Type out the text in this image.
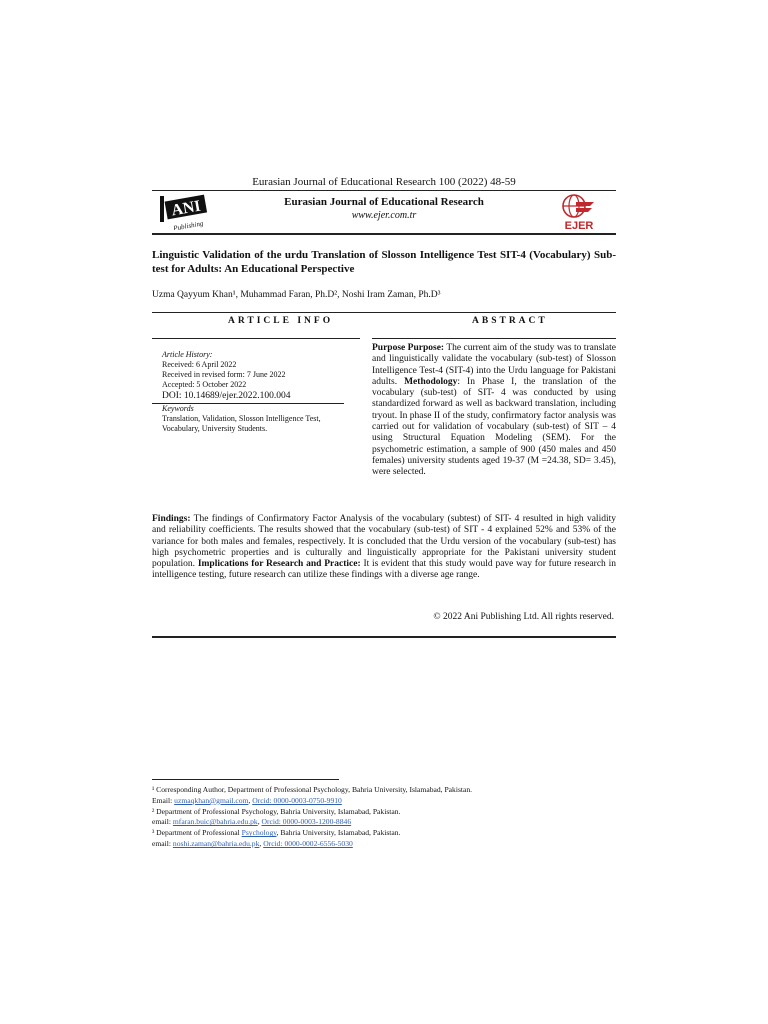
Eurasian Journal of Educational Research 100 (2022) 48-59
ANI
Publishing
Eurasian Journal of Educational Research
www.ejer.com.tr
EJER
Linguistic Validation of the urdu Translation of Slosson Intelligence Test SIT-4 (Vocabulary) Sub-test for Adults: An Educational Perspective
Uzma Qayyum Khan¹, Muhammad Faran, Ph.D², Noshi Iram Zaman, Ph.D³
ARTICLE INFO	ABSTRACT
Article History:
Received: 6 April 2022
Received in revised form: 7 June 2022
Accepted: 5 October 2022
DOI: 10.14689/ejer.2022.100.004
Keywords
Translation, Validation, Slosson Intelligence Test, Vocabulary, University Students.
Purpose Purpose: The current aim of the study was to translate and linguistically validate the vocabulary (sub-test) of Slosson Intelligence Test-4 (SIT-4) into the Urdu language for Pakistani adults. Methodology: In Phase I, the translation of the vocabulary (sub-test) of SIT- 4 was conducted by using standardized forward as well as backward translation, including tryout. In phase II of the study, confirmatory factor analysis was carried out for validation of vocabulary (sub-test) of SIT – 4 using Structural Equation Modeling (SEM). For the psychometric estimation, a sample of 900 (450 males and 450 females) university students aged 19-37 (M =24.38, SD= 3.45), were selected.
Findings: The findings of Confirmatory Factor Analysis of the vocabulary (subtest) of SIT- 4 resulted in high validity and reliability coefficients. The results showed that the vocabulary (sub-test) of SIT - 4 explained 52% and 53% of the variance for both males and females, respectively. It is concluded that the Urdu version of the vocabulary (sub-test) has high psychometric properties and is culturally and linguistically appropriate for the Pakistani university student population. Implications for Research and Practice: It is evident that this study would pave way for future research in intelligence testing, future research can utilize these findings with a diverse age range.
© 2022 Ani Publishing Ltd. All rights reserved.
¹ Corresponding Author, Department of Professional Psychology, Bahria University, Islamabad, Pakistan.
Email: uzmaqkhan@gmail.com, Orcid: 0000-0003-0750-9910
² Department of Professional Psychology, Bahria University, Islamabad, Pakistan.
email: mfaran.buic@bahria.edu.pk, Orcid: 0000-0003-1200-8846
³ Department of Professional Psychology, Bahria University, Islamabad, Pakistan.
email: noshi.zaman@bahria.edu.pk, Orcid: 0000-0002-6556-5030
